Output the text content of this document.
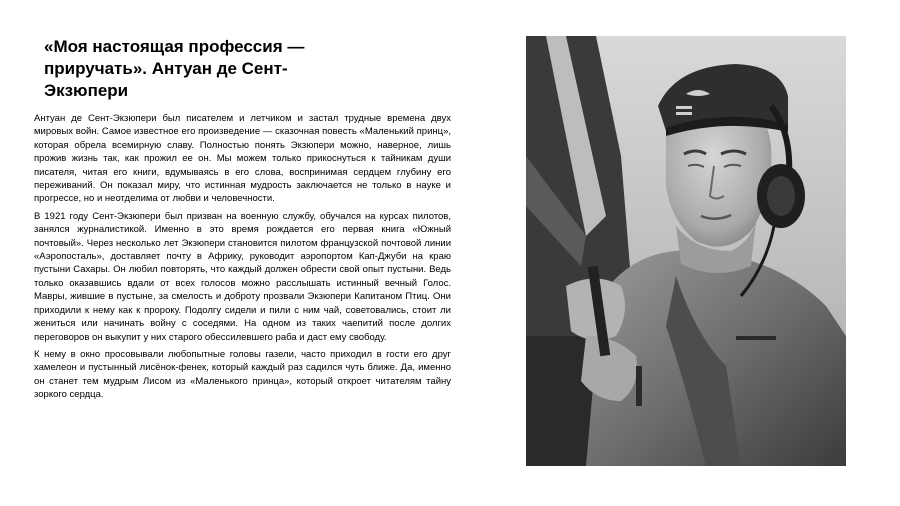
«Моя настоящая профессия — приручать». Антуан де Сент-Экзюпери

Антуан де Сент-Экзюпери был писателем и летчиком и застал трудные времена двух мировых войн. Самое известное его произведение — сказочная повесть «Маленький принц», которая обрела всемирную славу. Полностью понять Экзюпери можно, наверное, лишь прожив жизнь так, как прожил ее он. Мы можем только прикоснуться к тайникам души писателя, читая его книги, вдумываясь в его слова, воспринимая сердцем глубину его переживаний. Он показал миру, что истинная мудрость заключается не только в науке и прогрессе, но и неотделима от любви и человечности.

В 1921 году Сент-Экзюпери был призван на военную службу, обучался на курсах пилотов, занялся журналистикой. Именно в это время рождается его первая книга «Южный почтовый». Через несколько лет Экзюпери становится пилотом французской почтовой линии «Аэропосталь», доставляет почту в Африку, руководит аэропортом Кап-Джуби на краю пустыни Сахары. Он любил повторять, что каждый должен обрести свой опыт пустыни. Ведь только оказавшись вдали от всех голосов можно расслышать истинный вечный Голос. Мавры, жившие в пустыне, за смелость и доброту прозвали Экзюпери Капитаном Птиц. Они приходили к нему как к пророку. Подолгу сидели и пили с ним чай, советовались, стоит ли жениться или начинать войну с соседями. На одном из таких чаепитий после долгих переговоров он выкупит у них старого обессилевшего раба и даст ему свободу.

К нему в окно просовывали любопытные головы газели, часто приходил в гости его друг хамелеон и пустынный лисёнок-фенек, который каждый раз садился чуть ближе. Да, именно он станет тем мудрым Лисом из «Маленького принца», который откроет читателям тайну зоркого сердца.
